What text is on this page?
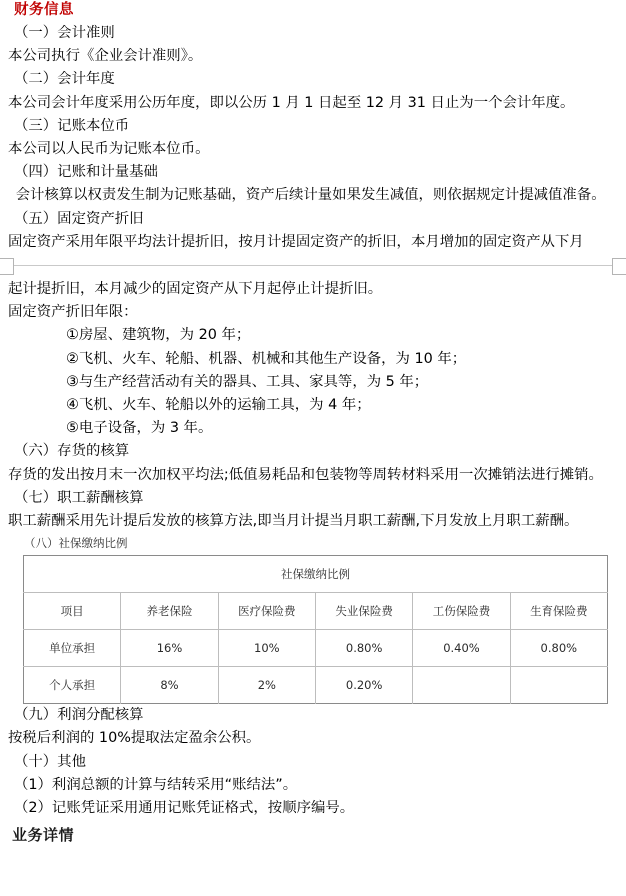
财务信息
（一）会计准则
本公司执行《企业会计准则》。
（二）会计年度
本公司会计年度采用公历年度，即以公历 1 月 1 日起至 12 月 31 日止为一个会计年度。
（三）记账本位币
本公司以人民币为记账本位币。
（四）记账和计量基础
会计核算以权责发生制为记账基础，资产后续计量如果发生减值，则依据规定计提减值准备。
（五）固定资产折旧
固定资产采用年限平均法计提折旧，按月计提固定资产的折旧，本月增加的固定资产从下月
起计提折旧，本月减少的固定资产从下月起停止计提折旧。
固定资产折旧年限：
①房屋、建筑物，为 20 年；
②飞机、火车、轮船、机器、机械和其他生产设备，为 10 年；
③与生产经营活动有关的器具、工具、家具等，为 5 年；
④飞机、火车、轮船以外的运输工具，为 4 年；
⑤电子设备，为 3 年。
（六）存货的核算
存货的发出按月末一次加权平均法;低值易耗品和包装物等周转材料采用一次摊销法进行摊销。
（七）职工薪酬核算
职工薪酬采用先计提后发放的核算方法,即当月计提当月职工薪酬,下月发放上月职工薪酬。
（八）社保缴纳比例
社保缴纳比例					
项目	养老保险	医疗保险费	失业保险费	工伤保险费	生育保险费
单位承担	16%	10%	0.80%	0.40%	0.80%
个人承担	8%	2%	0.20%		
（九）利润分配核算
按税后利润的 10%提取法定盈余公积。
（十）其他
（1）利润总额的计算与结转采用“账结法”。
（2）记账凭证采用通用记账凭证格式，按顺序编号。
业务详情
